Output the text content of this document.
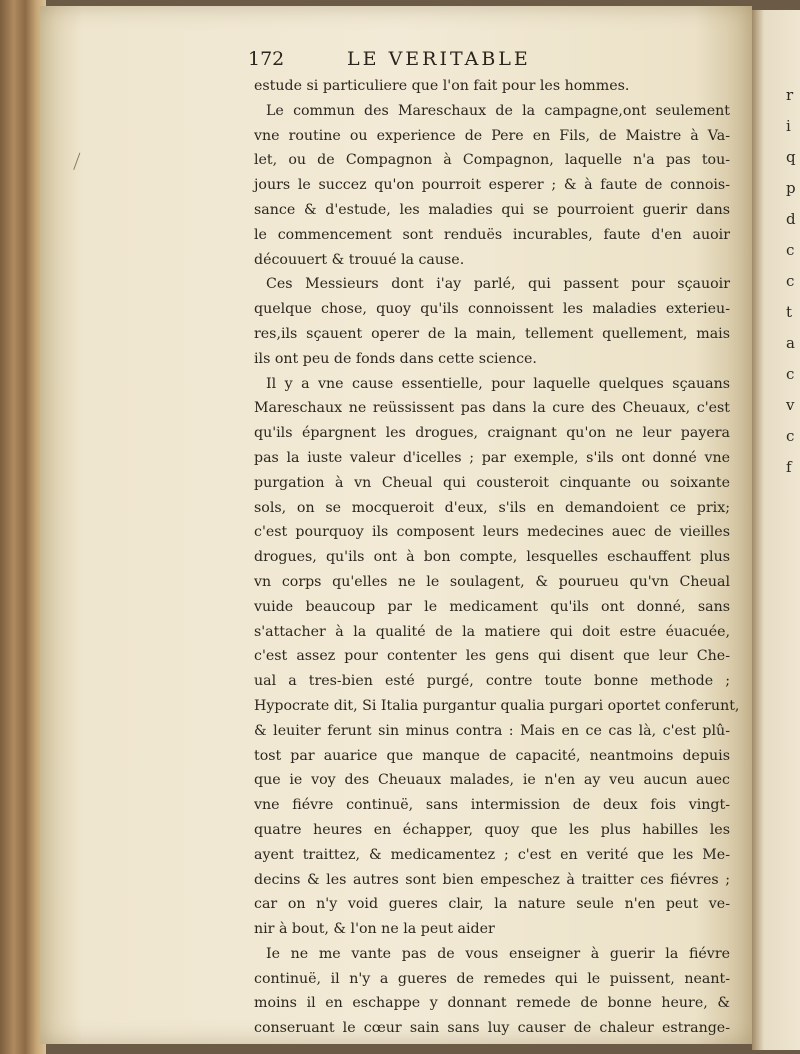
r
i
q
p
d
c
c
t
a
c
v
c
f
172	LE VERITABLE
estude si particuliere que l'on fait pour les hommes.
Le commun des Mareschaux de la campagne,ont seulement
vne routine ou experience de Pere en Fils, de Maistre à Va-
let, ou de Compagnon à Compagnon, laquelle n'a pas tou-
jours le succez qu'on pourroit esperer ; & à faute de connois-
sance & d'estude, les maladies qui se pourroient guerir dans
le commencement sont renduës incurables, faute d'en auoir
découuert & trouué la cause.
Ces Messieurs dont i'ay parlé, qui passent pour sçauoir
quelque chose, quoy qu'ils connoissent les maladies exterieu-
res,ils sçauent operer de la main, tellement quellement, mais
ils ont peu de fonds dans cette science.
Il y a vne cause essentielle, pour laquelle quelques sçauans
Mareschaux ne reüssissent pas dans la cure des Cheuaux, c'est
qu'ils épargnent les drogues, craignant qu'on ne leur payera
pas la iuste valeur d'icelles ; par exemple, s'ils ont donné vne
purgation à vn Cheual qui cousteroit cinquante ou soixante
sols, on se mocqueroit d'eux, s'ils en demandoient ce prix;
c'est pourquoy ils composent leurs medecines auec de vieilles
drogues, qu'ils ont à bon compte, lesquelles eschauffent plus
vn corps qu'elles ne le soulagent, & pourueu qu'vn Cheual
vuide beaucoup par le medicament qu'ils ont donné, sans
s'attacher à la qualité de la matiere qui doit estre éuacuée,
c'est assez pour contenter les gens qui disent que leur Che-
ual a tres-bien esté purgé, contre toute bonne methode ;
Hypocrate dit, Si Italia purgantur qualia purgari oportet conferunt,
& leuiter ferunt sin minus contra : Mais en ce cas là, c'est plû-
tost par auarice que manque de capacité, neantmoins depuis
que ie voy des Cheuaux malades, ie n'en ay veu aucun auec
vne fiévre continuë, sans intermission de deux fois vingt-
quatre heures en échapper, quoy que les plus habilles les
ayent traittez, & medicamentez ; c'est en verité que les Me-
decins & les autres sont bien empeschez à traitter ces fiévres ;
car on n'y void gueres clair, la nature seule n'en peut ve-
nir à bout, & l'on ne la peut aider
Ie ne me vante pas de vous enseigner à guerir la fiévre
continuë, il n'y a gueres de remedes qui le puissent, neant-
moins il en eschappe y donnant remede de bonne heure, &
conseruant le cœur sain sans luy causer de chaleur estrange-
